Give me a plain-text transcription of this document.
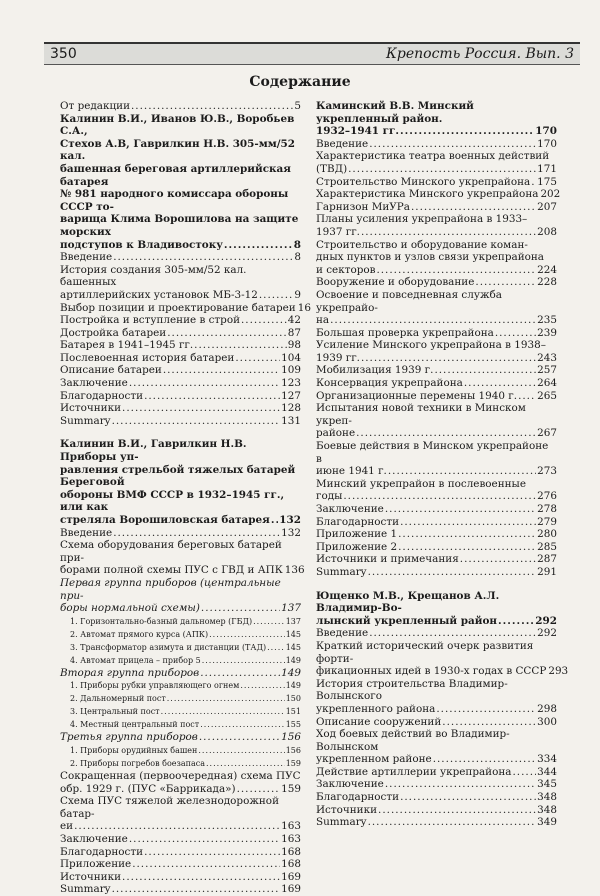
350	Крепость Россия. Вып. 3
Содержание
От редакции .....	5
Калинин В.И., Иванов Ю.В., Воробьев С.А.,
Стехов А.В, Гаврилкин Н.В. 305-мм/52 кал.
башенная береговая артиллерийская батарея
№ 981 народного комиссара обороны СССР то-
варища Клима Ворошилова на защите морских
подступов к Владивостоку .....	8
Введение .....	8
История создания 305-мм/52 кал. башенных
артиллерийских установок МБ-3-12 .....	9
Выбор позиции и проектирование батареи 16
Постройка и вступление в строй .....	42
Достройка батареи .....	87
Батарея в 1941–1945 гг. .....	98
Послевоенная история батареи .....	104
Описание батареи .....	109
Заключение .....	123
Благодарности .....	127
Источники .....	128
Summary .....	131
Калинин В.И., Гаврилкин Н.В. Приборы уп-
равления стрельбой тяжелых батарей Береговой
обороны ВМФ СССР в 1932–1945 гг., или как
стреляла Ворошиловская батарея ..... 132
Введение .....	132
Схема оборудования береговых батарей при-
борами полной схемы ПУС с ГВД и АПК 136
Первая группа приборов (центральные при-
боры нормальной схемы) .....	137
1. Горизонтально-базный дальномер (ГБД) .....	137
2. Автомат прямого курса (АПК) .....	145
3. Трансформатор азимута и дистанции (ТАД) ..... 145
4. Автомат прицела – прибор 5 .....	149
Вторая группа приборов .....	149
1. Приборы рубки управляющего огнем .....	149
2. Дальномерный пост .....	150
3. Центральный пост .....	151
4. Местный центральный пост .....	155
Третья группа приборов .....	156
1. Приборы орудийных башен .....	156
2. Приборы погребов боезапаса .....	159
Сокращенная (первоочередная) схема ПУС
обр. 1929 г. (ПУС «Баррикада») .....	159
Схема ПУС тяжелой железнодорожной батар-
еи .....	163
Заключение .....	163
Благодарности .....	168
Приложение .....	168
Источники .....	169
Summary .....	169
Каминский В.В. Минский укрепленный район.
1932–1941 гг. .....	170
Введение .....	170
Характеристика театра военных действий
(ТВД) .....	171
Строительство Минского укрепрайона ..... 175
Характеристика Минского укрепрайона 202
Гарнизон МиУРа .....	207
Планы усиления укрепрайона в 1933–
1937 гг. .....	208
Строительство и оборудование коман-
дных пунктов и узлов связи укрепрайона
и секторов .....	224
Вооружение и оборудование .....	228
Освоение и повседневная служба укрепрайо-
на .....	235
Большая проверка укрепрайона .....	239
Усиление Минского укрепрайона в 1938–
1939 гг. .....	243
Мобилизация 1939 г. .....	257
Консервация укрепрайона .....	264
Организационные перемены 1940 г. ..... 265
Испытания новой техники в Минском укреп-
районе .....	267
Боевые действия в Минском укрепрайоне в
июне 1941 г. .....	273
Минский укрепрайон в послевоенные
годы .....	276
Заключение .....	278
Благодарности .....	279
Приложение 1 .....	280
Приложение 2 .....	285
Источники и примечания .....	287
Summary .....	291
Ющенко М.В., Крещанов А.Л. Владимир-Во-
лынский укрепленный район .....	292
Введение .....	292
Краткий исторический очерк развития форти-
фикационных идей в 1930-х годах в СССР 293
История строительства Владимир-Волынского
укрепленного района .....	298
Описание сооружений .....	300
Ход боевых действий во Владимир-Волынском
укрепленном районе .....	334
Действие артиллерии укрепрайона ..... 344
Заключение .....	345
Благодарности .....	348
Источники .....	348
Summary .....	349
